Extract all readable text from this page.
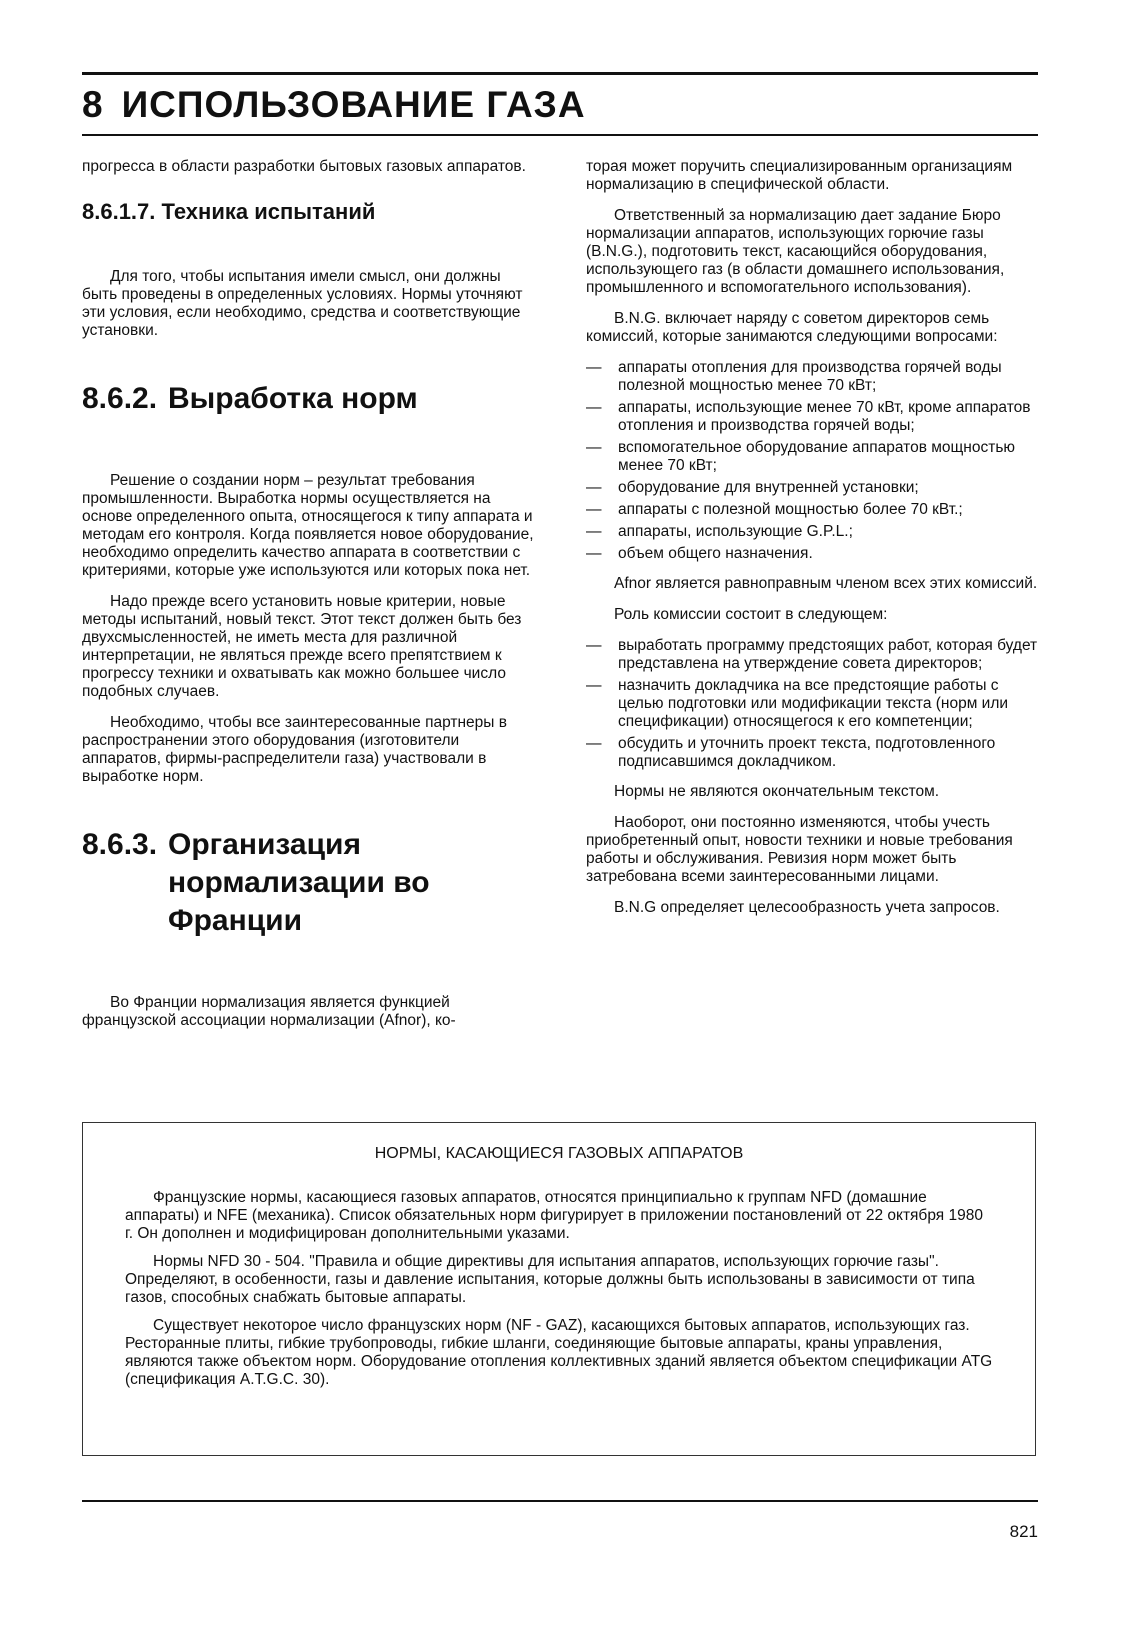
8 ИСПОЛЬЗОВАНИЕ ГАЗА

прогресса в области разработки бытовых газовых аппаратов.

8.6.1.7. Техника испытаний

Для того, чтобы испытания имели смысл, они должны быть проведены в определенных условиях. Нормы уточняют эти условия, если необходимо, средства и соответствующие установки.

8.6.2. Выработка норм

Решение о создании норм – результат требования промышленности. Выработка нормы осуществляется на основе определенного опыта, относящегося к типу аппарата и методам его контроля. Когда появляется новое оборудование, необходимо определить качество аппарата в соответствии с критериями, которые уже используются или которых пока нет.

Надо прежде всего установить новые критерии, новые методы испытаний, новый текст. Этот текст должен быть без двухсмысленностей, не иметь места для различной интерпретации, не являться прежде всего препятствием к прогрессу техники и охватывать как можно большее число подобных случаев.

Необходимо, чтобы все заинтересованные партнеры в распространении этого оборудования (изготовители аппаратов, фирмы-распределители газа) участвовали в выработке норм.

8.6.3. Организация нормализации во Франции

Во Франции нормализация является функцией французской ассоциации нормализации (Afnor), ко-

торая может поручить специализированным организациям нормализацию в специфической области.

Ответственный за нормализацию дает задание Бюро нормализации аппаратов, использующих горючие газы (B.N.G.), подготовить текст, касающийся оборудования, использующего газ (в области домашнего использования, промышленного и вспомогательного использования).

B.N.G. включает наряду с советом директоров семь комиссий, которые занимаются следующими вопросами:

— аппараты отопления для производства горячей воды полезной мощностью менее 70 кВт;
— аппараты, использующие менее 70 кВт, кроме аппаратов отопления и производства горячей воды;
— вспомогательное оборудование аппаратов мощностью менее 70 кВт;
— оборудование для внутренней установки;
— аппараты с полезной мощностью более 70 кВт.;
— аппараты, использующие G.P.L.;
— объем общего назначения.

Afnor является равноправным членом всех этих комиссий.

Роль комиссии состоит в следующем:

— выработать программу предстоящих работ, которая будет представлена на утверждение совета директоров;
— назначить докладчика на все предстоящие работы с целью подготовки или модификации текста (норм или спецификации) относящегося к его компетенции;
— обсудить и уточнить проект текста, подготовленного подписавшимся докладчиком.

Нормы не являются окончательным текстом.

Наоборот, они постоянно изменяются, чтобы учесть приобретенный опыт, новости техники и новые требования работы и обслуживания. Ревизия норм может быть затребована всеми заинтересованными лицами.

B.N.G определяет целесообразность учета запросов.

НОРМЫ, КАСАЮЩИЕСЯ ГАЗОВЫХ АППАРАТОВ

Французские нормы, касающиеся газовых аппаратов, относятся принципиально к группам NFD (домашние аппараты) и NFE (механика). Список обязательных норм фигурирует в приложении постановлений от 22 октября 1980 г. Он дополнен и модифицирован дополнительными указами.

Нормы NFD 30 - 504. "Правила и общие директивы для испытания аппаратов, использующих горючие газы". Определяют, в особенности, газы и давление испытания, которые должны быть использованы в зависимости от типа газов, способных снабжать бытовые аппараты.

Существует некоторое число французских норм (NF - GAZ), касающихся бытовых аппаратов, использующих газ. Ресторанные плиты, гибкие трубопроводы, гибкие шланги, соединяющие бытовые аппараты, краны управления, являются также объектом норм. Оборудование отопления коллективных зданий является объектом спецификации ATG (спецификация A.T.G.C. 30).

821
